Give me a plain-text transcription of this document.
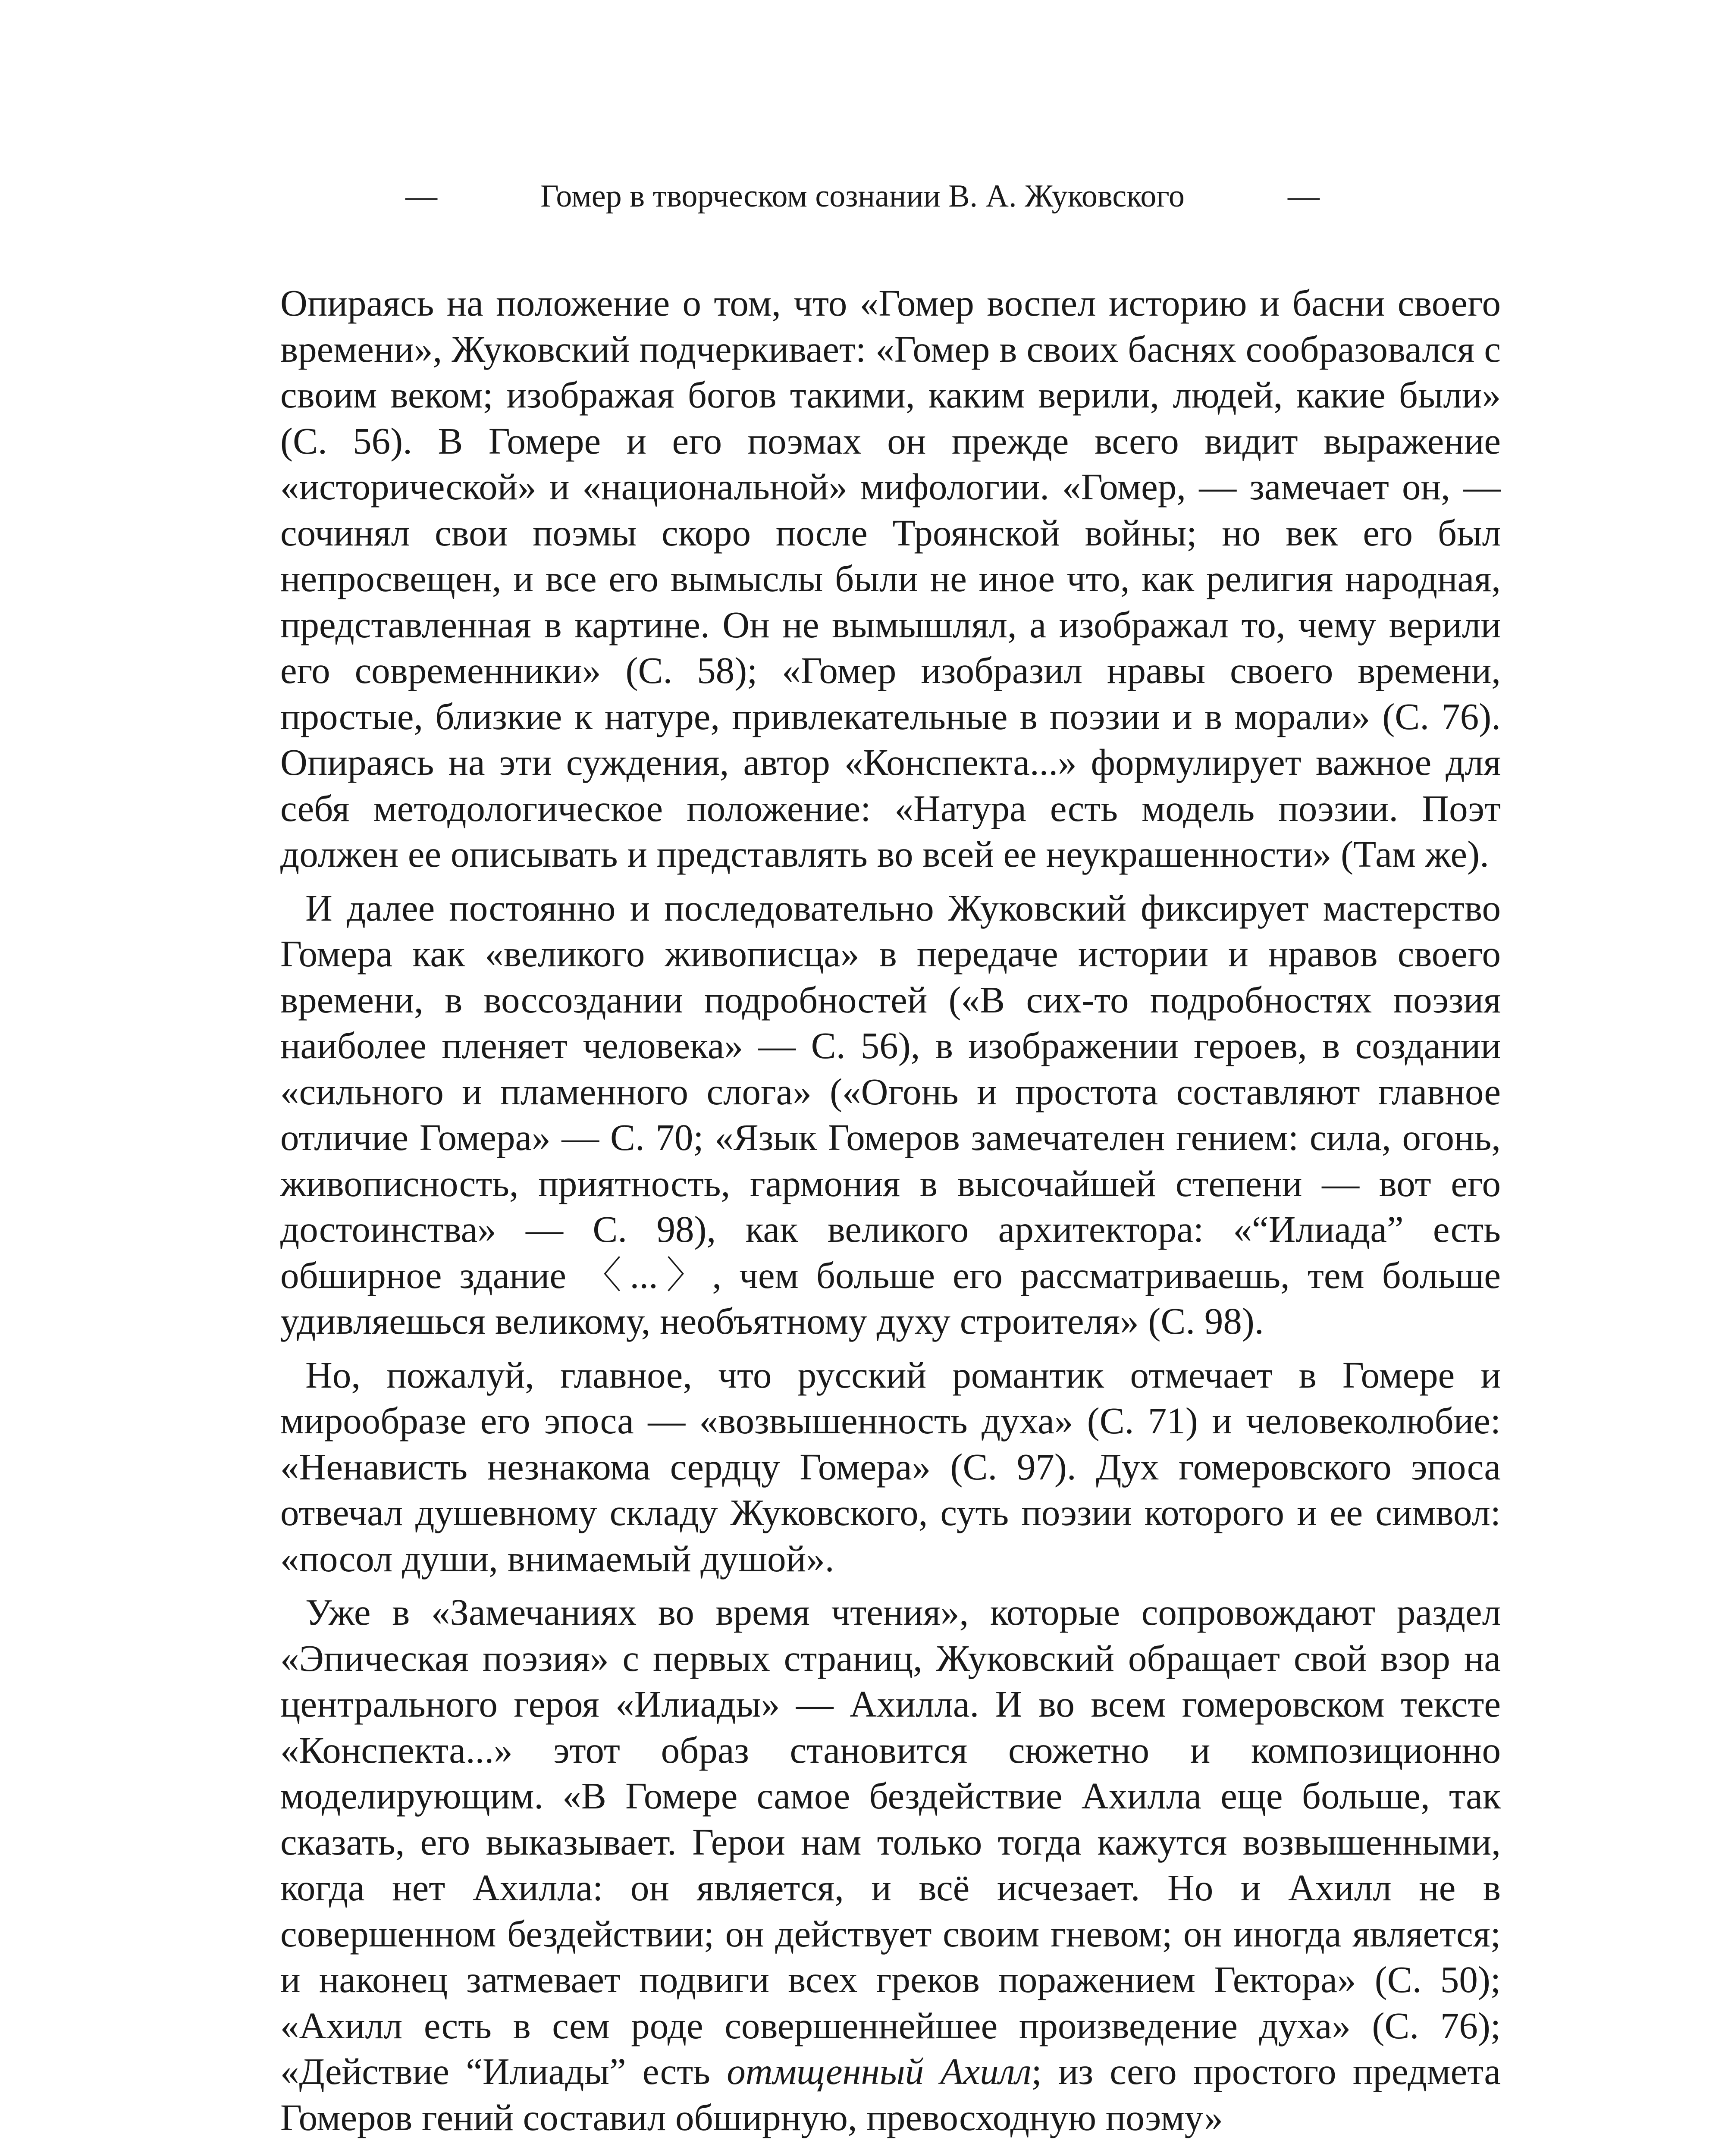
—	Гомер в творческом сознании В. А. Жуковского	—

Опираясь на положение о том, что «Гомер воспел историю и басни своего времени», Жуковский подчеркивает: «Гомер в своих баснях сообразовался с своим веком; изображая богов такими, каким верили, людей, какие были» (С. 56). В Гомере и его поэмах он прежде всего видит выражение «исторической» и «национальной» мифологии. «Гомер, — замечает он, — сочинял свои поэмы скоро после Троянской войны; но век его был непросвещен, и все его вымыслы были не иное что, как религия народная, представленная в картине. Он не вымышлял, а изображал то, чему верили его современники» (С. 58); «Гомер изобразил нравы своего времени, простые, близкие к натуре, привлекательные в поэзии и в морали» (С. 76). Опираясь на эти суждения, автор «Конспекта...» формулирует важное для себя методологическое положение: «Натура есть модель поэзии. Поэт должен ее описывать и представлять во всей ее неукрашенности» (Там же).

И далее постоянно и последовательно Жуковский фиксирует мастерство Гомера как «великого живописца» в передаче истории и нравов своего времени, в воссоздании подробностей («В сих-то подробностях поэзия наиболее пленяет человека» — С. 56), в изображении героев, в создании «сильного и пламенного слога» («Огонь и простота составляют главное отличие Гомера» — С. 70; «Язык Гомеров замечателен гением: сила, огонь, живописность, приятность, гармония в высочайшей степени — вот его достоинства» — С. 98), как великого архитектора: «“Илиада” есть обширное здание 〈...〉, чем больше его рассматриваешь, тем больше удивляешься великому, необъятному духу строителя» (С. 98).

Но, пожалуй, главное, что русский романтик отмечает в Гомере и мирообразе его эпоса — «возвышенность духа» (С. 71) и человеколюбие: «Ненависть незнакома сердцу Гомера» (С. 97). Дух гомеровского эпоса отвечал душевному складу Жуковского, суть поэзии которого и ее символ: «посол души, внимаемый душой».

Уже в «Замечаниях во время чтения», которые сопровождают раздел «Эпическая поэзия» с первых страниц, Жуковский обращает свой взор на центрального героя «Илиады» — Ахилла. И во всем гомеровском тексте «Конспекта...» этот образ становится сюжетно и композиционно моделирующим. «В Гомере самое бездействие Ахилла еще больше, так сказать, его выказывает. Герои нам только тогда кажутся возвышенными, когда нет Ахилла: он является, и всё исчезает. Но и Ахилл не в совершенном бездействии; он действует своим гневом; он иногда является; и наконец затмевает подвиги всех греков поражением Гектора» (С. 50); «Ахилл есть в сем роде совершеннейшее произведение духа» (С. 76); «Действие “Илиады” есть отмщенный Ахилл; из сего простого предмета Гомеров гений составил обширную, превосходную поэму»
